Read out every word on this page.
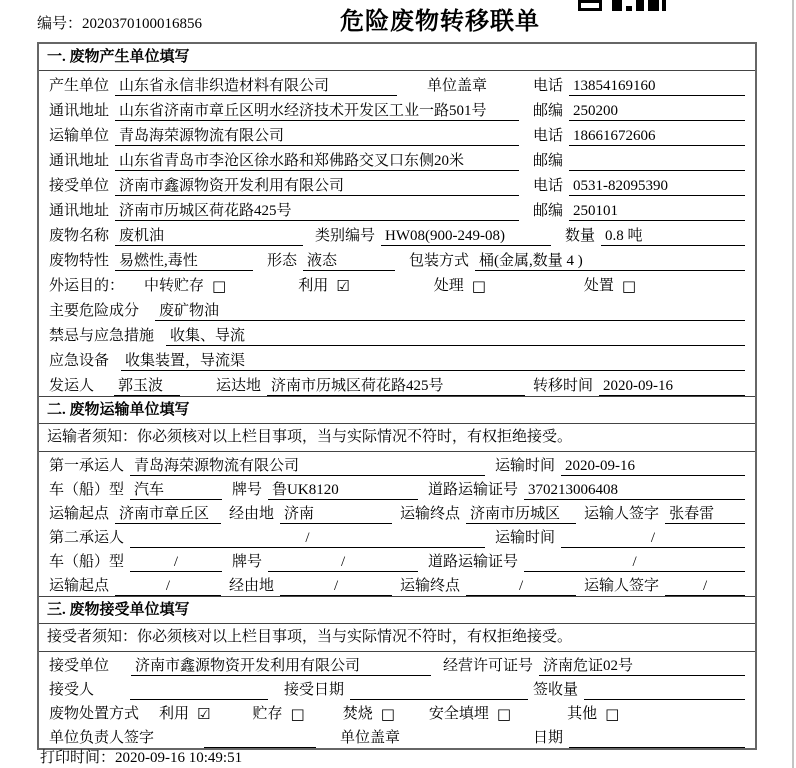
编号：2020370100016856	危险废物转移联单
一. 废物产生单位填写
产生单位 山东省永信非织造材料有限公司	单位盖章	电话 13854169160
通讯地址 山东省济南市章丘区明水经济技术开发区工业一路501号	邮编 250200
运输单位 青岛海荣源物流有限公司	电话 18661672606
通讯地址 山东省青岛市李沧区徐水路和郑佛路交叉口东侧20米	邮编
接受单位 济南市鑫源物资开发利用有限公司	电话 0531-82095390
通讯地址 济南市历城区荷花路425号	邮编 250101
废物名称 废机油	类别编号 HW08(900-249-08)	数量 0.8 吨
废物特性 易燃性,毒性	形态 液态	包装方式 桶(金属,数量 4 )
外运目的： 中转贮存 □	利用 ☑	处理 □	处置 □
主要危险成分 废矿物油
禁忌与应急措施 收集、导流
应急设备 收集装置，导流渠
发运人 郭玉波	运达地 济南市历城区荷花路425号	转移时间 2020-09-16
二. 废物运输单位填写
运输者须知：你必须核对以上栏目事项，当与实际情况不符时，有权拒绝接受。
第一承运人 青岛海荣源物流有限公司	运输时间 2020-09-16
车（船）型 汽车	牌号 鲁UK8120	道路运输证号 370213006408
运输起点 济南市章丘区	经由地 济南	运输终点 济南市历城区	运输人签字 张春雷
第二承运人	/	运输时间	/
车（船）型	/	牌号	/	道路运输证号	/
运输起点	/	经由地	/	运输终点	/	运输人签字	/
三. 废物接受单位填写
接受者须知：你必须核对以上栏目事项，当与实际情况不符时，有权拒绝接受。
接受单位 济南市鑫源物资开发利用有限公司	经营许可证号 济南危证02号
接受人	接受日期	签收量
废物处置方式 利用 ☑	贮存 □	焚烧 □ 安全填埋 □	其他 □
单位负责人签字	单位盖章	日期
打印时间：2020-09-16 10:49:51
